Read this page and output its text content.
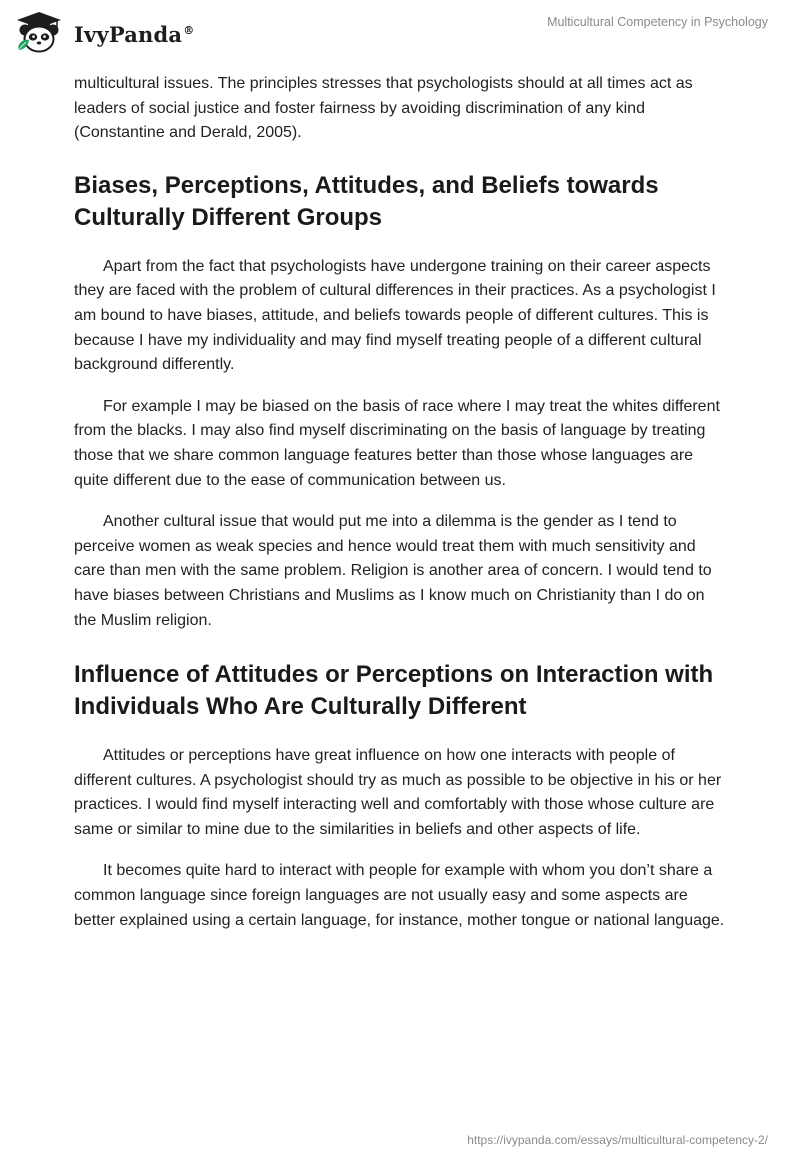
IvyPanda®
Multicultural Competency in Psychology

multicultural issues. The principles stresses that psychologists should at all times act as leaders of social justice and foster fairness by avoiding discrimination of any kind (Constantine and Derald, 2005).

Biases, Perceptions, Attitudes, and Beliefs towards Culturally Different Groups

Apart from the fact that psychologists have undergone training on their career aspects they are faced with the problem of cultural differences in their practices. As a psychologist I am bound to have biases, attitude, and beliefs towards people of different cultures. This is because I have my individuality and may find myself treating people of a different cultural background differently.

For example I may be biased on the basis of race where I may treat the whites different from the blacks. I may also find myself discriminating on the basis of language by treating those that we share common language features better than those whose languages are quite different due to the ease of communication between us.

Another cultural issue that would put me into a dilemma is the gender as I tend to perceive women as weak species and hence would treat them with much sensitivity and care than men with the same problem. Religion is another area of concern. I would tend to have biases between Christians and Muslims as I know much on Christianity than I do on the Muslim religion.

Influence of Attitudes or Perceptions on Interaction with Individuals Who Are Culturally Different

Attitudes or perceptions have great influence on how one interacts with people of different cultures. A psychologist should try as much as possible to be objective in his or her practices. I would find myself interacting well and comfortably with those whose culture are same or similar to mine due to the similarities in beliefs and other aspects of life.

It becomes quite hard to interact with people for example with whom you don’t share a common language since foreign languages are not usually easy and some aspects are better explained using a certain language, for instance, mother tongue or national language.

https://ivypanda.com/essays/multicultural-competency-2/
